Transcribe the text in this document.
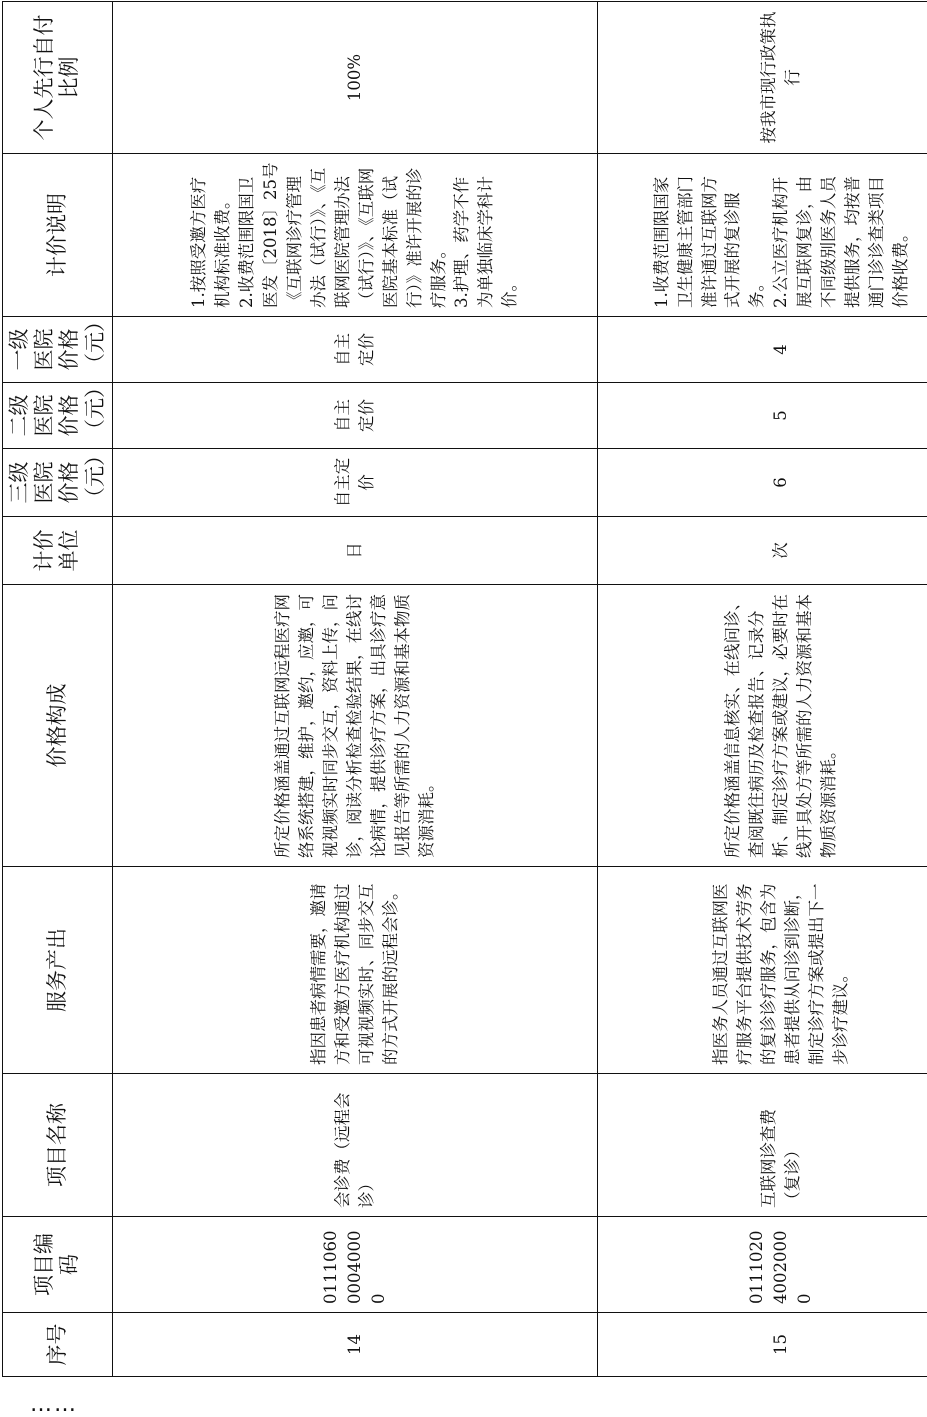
序号	项目编码	项目名称	服务产出	价格构成	计价单位	三级医院价格（元）	二级医院价格（元）	一级医院价格（元）	计价说明	个人先行自付比例
14	011106000040000	会诊费（远程会诊）	指因患者病情需要，邀请方和受邀方医疗机构通过可视视频实时、同步交互的方式开展的远程会诊。	所定价格涵盖通过互联网远程医疗网络系统搭建，维护，邀约，应邀，可视视频实时同步交互，资料上传，问诊，阅读分析检查检验结果，在线讨论病情，提供诊疗方案，出具诊疗意见报告等所需的人力资源和基本物质资源消耗。	日	自主定价	自主定价	自主定价	1.按照受邀方医疗机构标准收费。 2.收费范围限国卫医发〔2018〕25号《互联网诊疗管理办法（试行）》、《互联网医院管理办法（试行）》、《互联网医院基本标准（试行）》准许开展的诊疗服务。 3.护理、药学不作为单独临床学科计价。	100%
15	011102040020000	互联网诊查费（复诊）	指医务人员通过互联网医疗服务平台提供技术劳务的复诊诊疗服务，包含为患者提供从问诊到诊断，制定诊疗方案或提出下一步诊疗建议。	所定价格涵盖信息核实、在线问诊、查阅既往病历及检查报告、记录分析、制定诊疗方案或建议，必要时在线开具处方等所需的人力资源和基本物质资源消耗。	次	6	5	4	1.收费范围限国家卫生健康主管部门准许通过互联网方式开展的复诊服务。 2.公立医疗机构开展互联网复诊，由不同级别医务人员提供服务，均按普通门诊诊查类项目价格收费。	按我市现行政策执行
……
